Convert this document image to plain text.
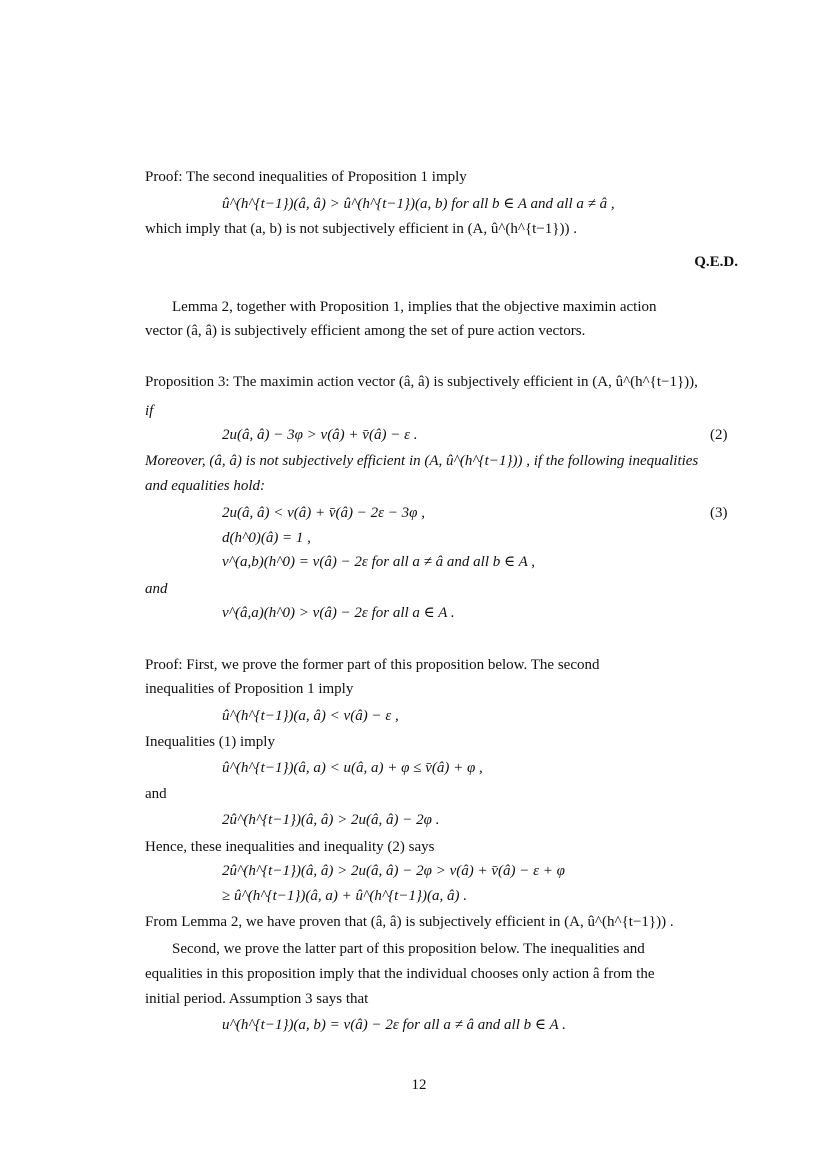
Proof: The second inequalities of Proposition 1 imply
û^(h^{t−1})(â, â) > û^(h^{t−1})(a, b) for all b ∈ A and all a ≠ â ,
which imply that (a, b) is not subjectively efficient in (A, û^(h^{t−1})) .
Q.E.D.
Lemma 2, together with Proposition 1, implies that the objective maximin action
vector (â, â) is subjectively efficient among the set of pure action vectors.
Proposition 3: The maximin action vector (â, â) is subjectively efficient in (A, û^(h^{t−1})),
if
2u(â, â) − 3φ > v(â) + v̄(â) − ε .	(2)
Moreover, (â, â) is not subjectively efficient in (A, û^(h^{t−1})) , if the following inequalities
and equalities hold:
2u(â, â) < v(â) + v̄(â) − 2ε − 3φ ,	(3)
d(h^0)(â) = 1 ,
v^(a,b)(h^0) = v(â) − 2ε for all a ≠ â and all b ∈ A ,
and
v^(â,a)(h^0) > v(â) − 2ε for all a ∈ A .
Proof: First, we prove the former part of this proposition below. The second
inequalities of Proposition 1 imply
û^(h^{t−1})(a, â) < v(â) − ε ,
Inequalities (1) imply
û^(h^{t−1})(â, a) < u(â, a) + φ ≤ v̄(â) + φ ,
and
2û^(h^{t−1})(â, â) > 2u(â, â) − 2φ .
Hence, these inequalities and inequality (2) says
2û^(h^{t−1})(â, â) > 2u(â, â) − 2φ > v(â) + v̄(â) − ε + φ
≥ û^(h^{t−1})(â, a) + û^(h^{t−1})(a, â) .
From Lemma 2, we have proven that (â, â) is subjectively efficient in (A, û^(h^{t−1})) .
Second, we prove the latter part of this proposition below. The inequalities and
equalities in this proposition imply that the individual chooses only action â from the
initial period. Assumption 3 says that
u^(h^{t−1})(a, b) = v(â) − 2ε for all a ≠ â and all b ∈ A .
12
